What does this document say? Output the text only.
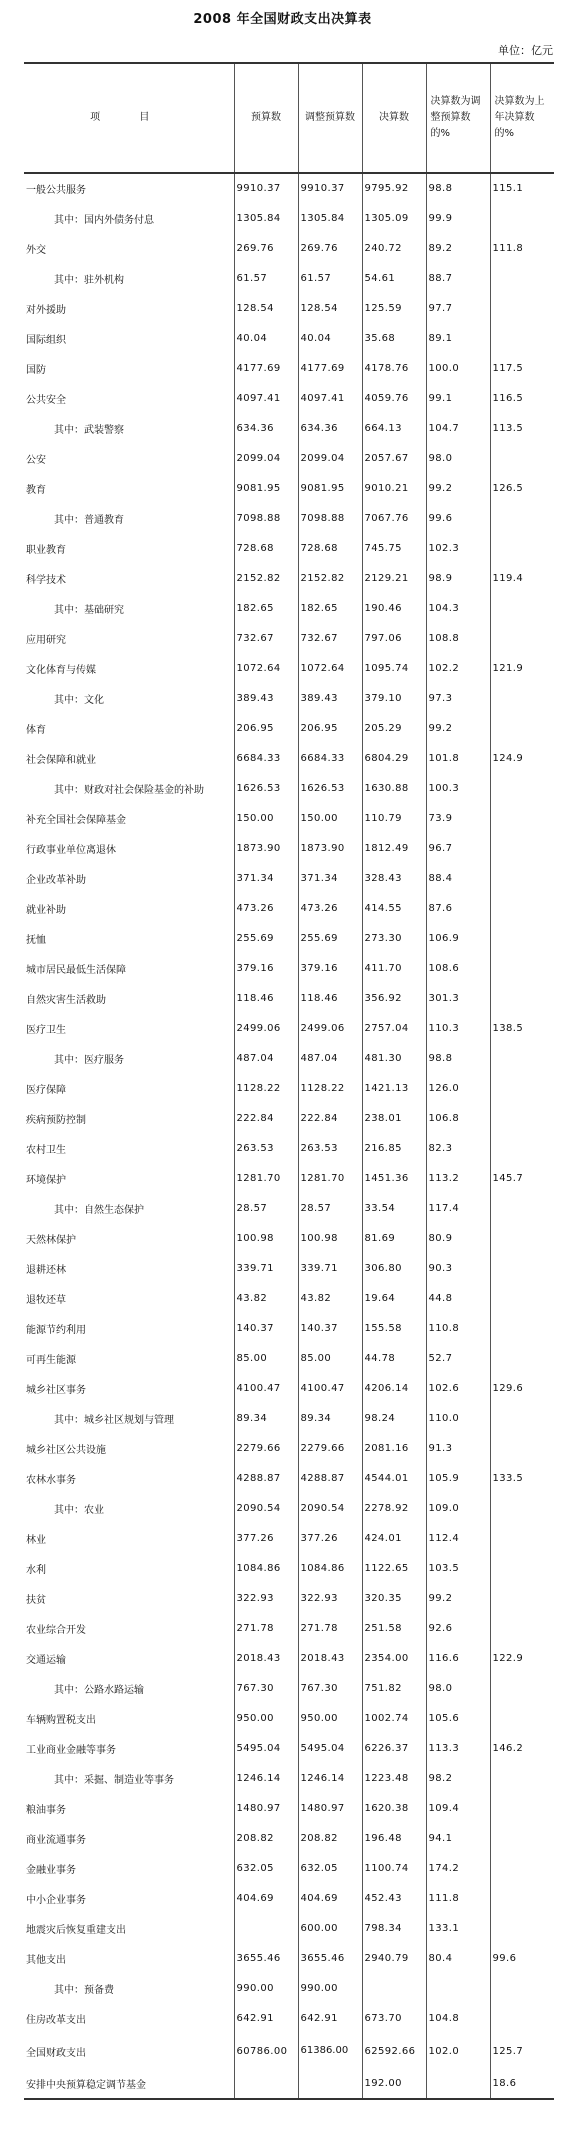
2008 年全国财政支出决算表
单位：亿元
项 目	预算数	调整预算数	决算数	决算数为调整预算数的%	决算数为上年决算数的%
一般公共服务	9910.37	9910.37	9795.92	98.8	115.1
其中：国内外债务付息	1305.84	1305.84	1305.09	99.9	
外交	269.76	269.76	240.72	89.2	111.8
其中：驻外机构	61.57	61.57	54.61	88.7	
对外援助	128.54	128.54	125.59	97.7	
国际组织	40.04	40.04	35.68	89.1	
国防	4177.69	4177.69	4178.76	100.0	117.5
公共安全	4097.41	4097.41	4059.76	99.1	116.5
其中：武装警察	634.36	634.36	664.13	104.7	113.5
公安	2099.04	2099.04	2057.67	98.0	
教育	9081.95	9081.95	9010.21	99.2	126.5
其中：普通教育	7098.88	7098.88	7067.76	99.6	
职业教育	728.68	728.68	745.75	102.3	
科学技术	2152.82	2152.82	2129.21	98.9	119.4
其中：基础研究	182.65	182.65	190.46	104.3	
应用研究	732.67	732.67	797.06	108.8	
文化体育与传媒	1072.64	1072.64	1095.74	102.2	121.9
其中：文化	389.43	389.43	379.10	97.3	
体育	206.95	206.95	205.29	99.2	
社会保障和就业	6684.33	6684.33	6804.29	101.8	124.9
其中：财政对社会保险基金的补助	1626.53	1626.53	1630.88	100.3	
补充全国社会保障基金	150.00	150.00	110.79	73.9	
行政事业单位离退休	1873.90	1873.90	1812.49	96.7	
企业改革补助	371.34	371.34	328.43	88.4	
就业补助	473.26	473.26	414.55	87.6	
抚恤	255.69	255.69	273.30	106.9	
城市居民最低生活保障	379.16	379.16	411.70	108.6	
自然灾害生活救助	118.46	118.46	356.92	301.3	
医疗卫生	2499.06	2499.06	2757.04	110.3	138.5
其中：医疗服务	487.04	487.04	481.30	98.8	
医疗保障	1128.22	1128.22	1421.13	126.0	
疾病预防控制	222.84	222.84	238.01	106.8	
农村卫生	263.53	263.53	216.85	82.3	
环境保护	1281.70	1281.70	1451.36	113.2	145.7
其中：自然生态保护	28.57	28.57	33.54	117.4	
天然林保护	100.98	100.98	81.69	80.9	
退耕还林	339.71	339.71	306.80	90.3	
退牧还草	43.82	43.82	19.64	44.8	
能源节约利用	140.37	140.37	155.58	110.8	
可再生能源	85.00	85.00	44.78	52.7	
城乡社区事务	4100.47	4100.47	4206.14	102.6	129.6
其中：城乡社区规划与管理	89.34	89.34	98.24	110.0	
城乡社区公共设施	2279.66	2279.66	2081.16	91.3	
农林水事务	4288.87	4288.87	4544.01	105.9	133.5
其中：农业	2090.54	2090.54	2278.92	109.0	
林业	377.26	377.26	424.01	112.4	
水利	1084.86	1084.86	1122.65	103.5	
扶贫	322.93	322.93	320.35	99.2	
农业综合开发	271.78	271.78	251.58	92.6	
交通运输	2018.43	2018.43	2354.00	116.6	122.9
其中：公路水路运输	767.30	767.30	751.82	98.0	
车辆购置税支出	950.00	950.00	1002.74	105.6	
工业商业金融等事务	5495.04	5495.04	6226.37	113.3	146.2
其中：采掘、制造业等事务	1246.14	1246.14	1223.48	98.2	
粮油事务	1480.97	1480.97	1620.38	109.4	
商业流通事务	208.82	208.82	196.48	94.1	
金融业事务	632.05	632.05	1100.74	174.2	
中小企业事务	404.69	404.69	452.43	111.8	
地震灾后恢复重建支出		600.00	798.34	133.1	
其他支出	3655.46	3655.46	2940.79	80.4	99.6
其中：预备费	990.00	990.00			
住房改革支出	642.91	642.91	673.70	104.8	
全国财政支出	60786.00	61386.00	62592.66	102.0	125.7
安排中央预算稳定调节基金			192.00		18.6
